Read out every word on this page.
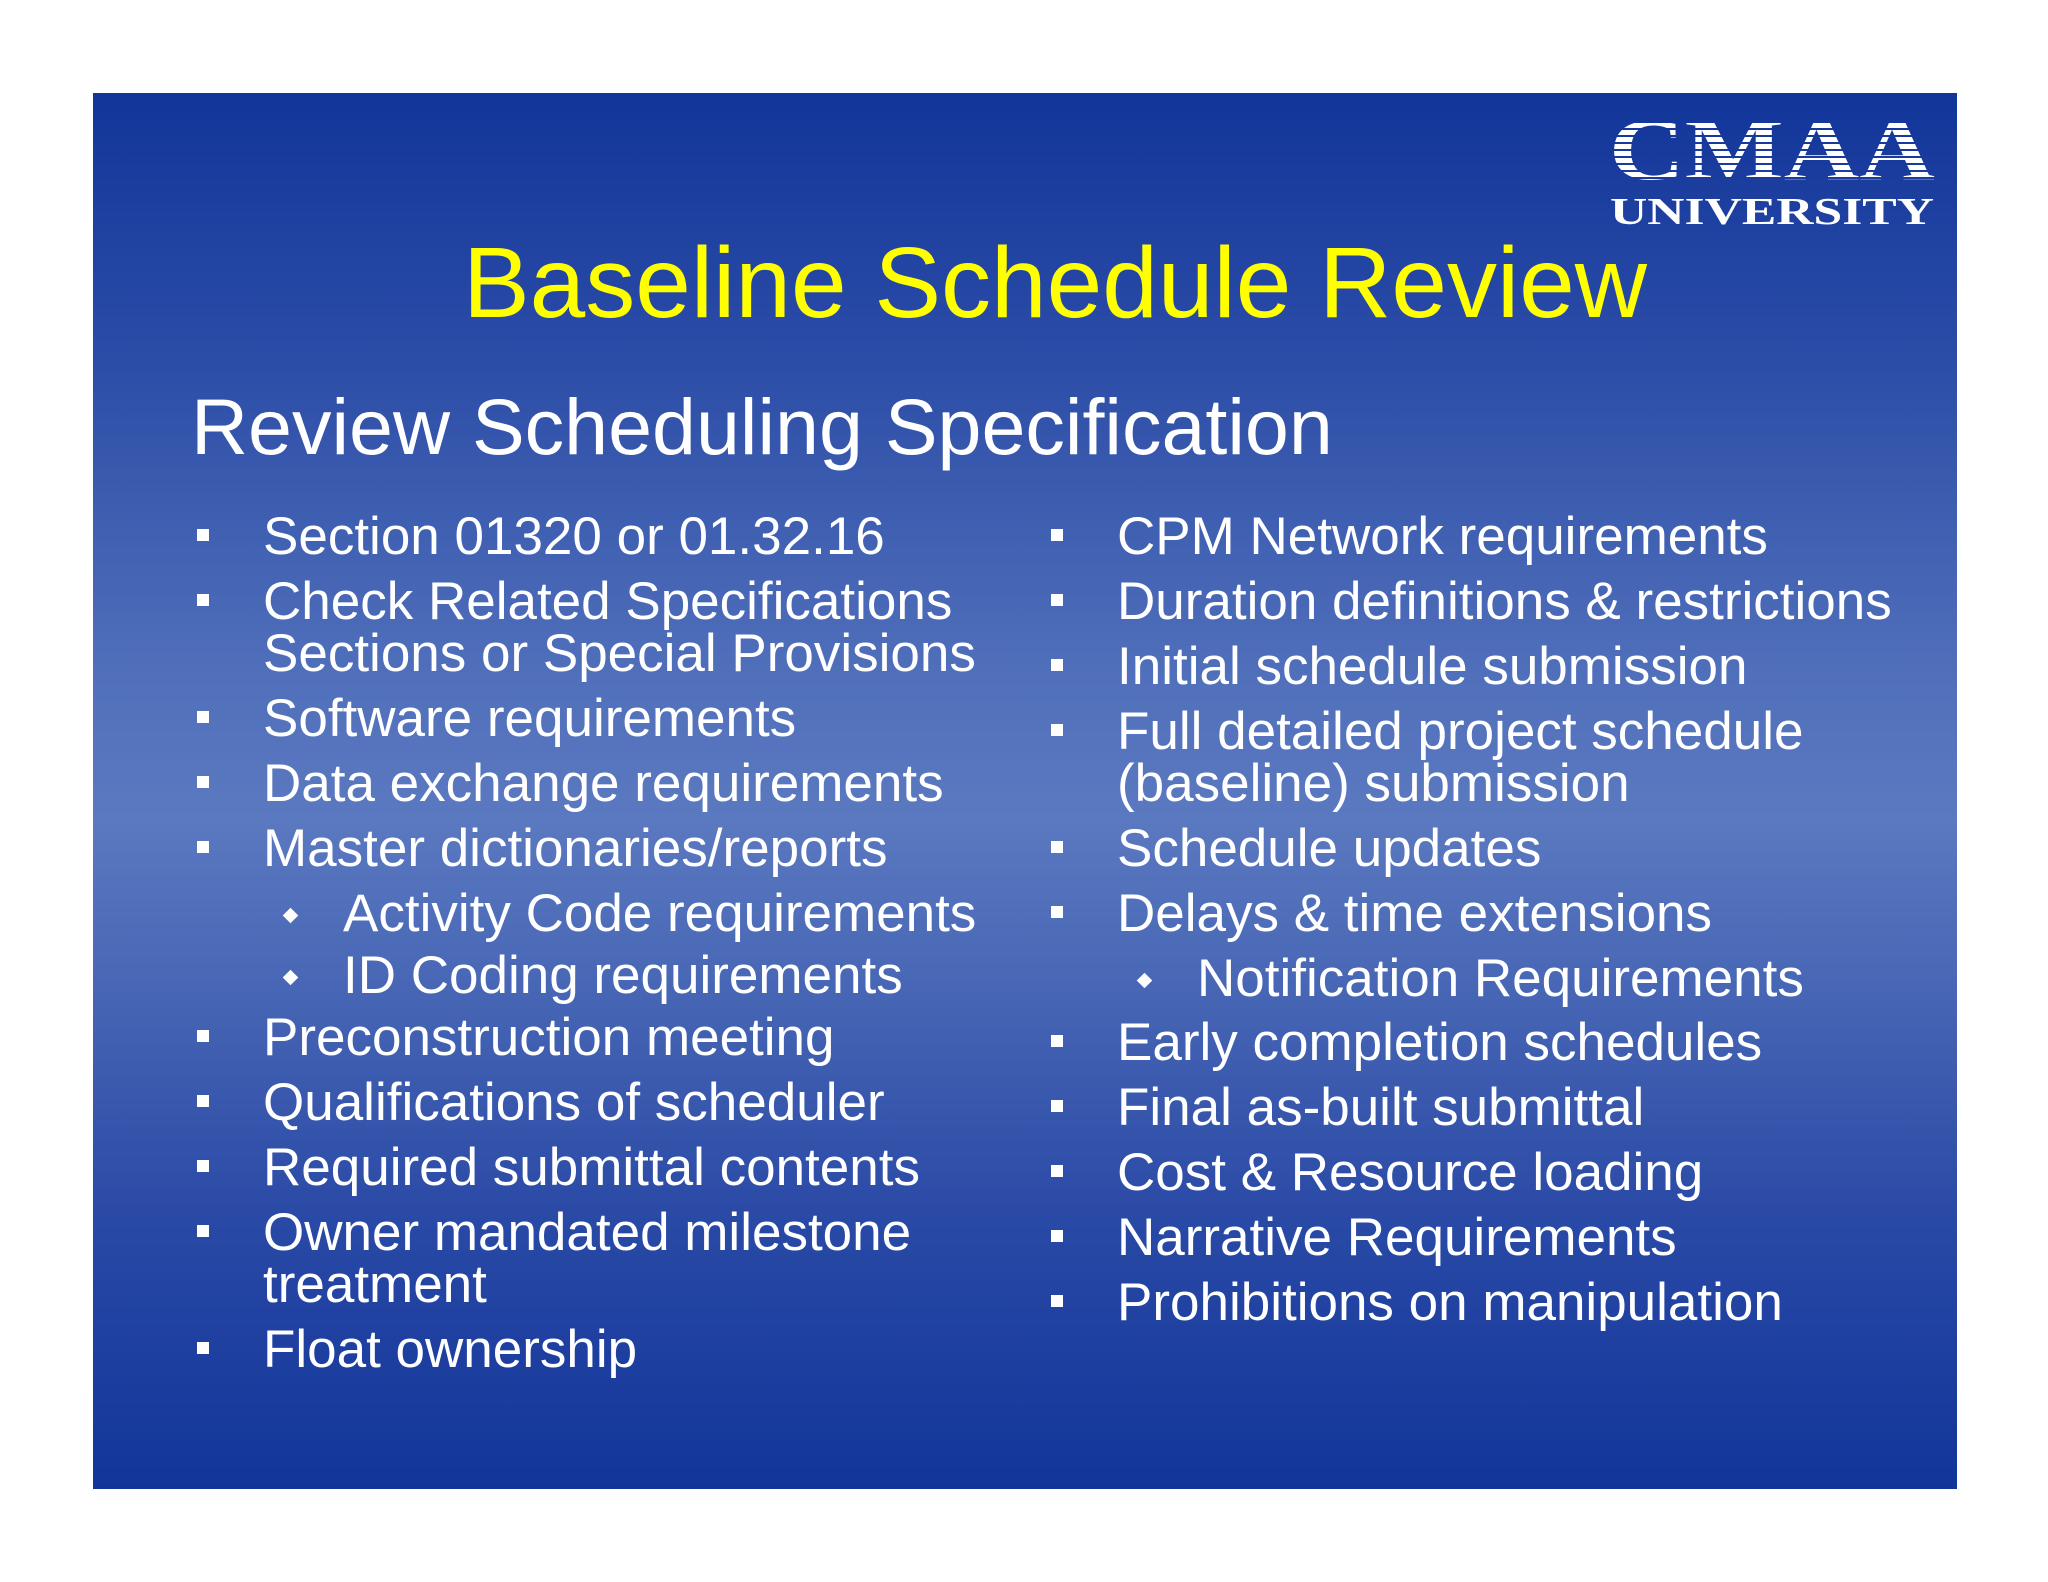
CMAA
UNIVERSITY
Baseline Schedule Review
Review Scheduling Specification
Section 01320 or 01.32.16
Check Related Specifications
Sections or Special Provisions
Software requirements
Data exchange requirements
Master dictionaries/reports
Activity Code requirements
ID Coding requirements
Preconstruction meeting
Qualifications of scheduler
Required submittal contents
Owner mandated milestone
treatment
Float ownership
CPM Network requirements
Duration definitions & restrictions
Initial schedule submission
Full detailed project schedule
(baseline) submission
Schedule updates
Delays & time extensions
Notification Requirements
Early completion schedules
Final as-built submittal
Cost & Resource loading
Narrative Requirements
Prohibitions on manipulation
